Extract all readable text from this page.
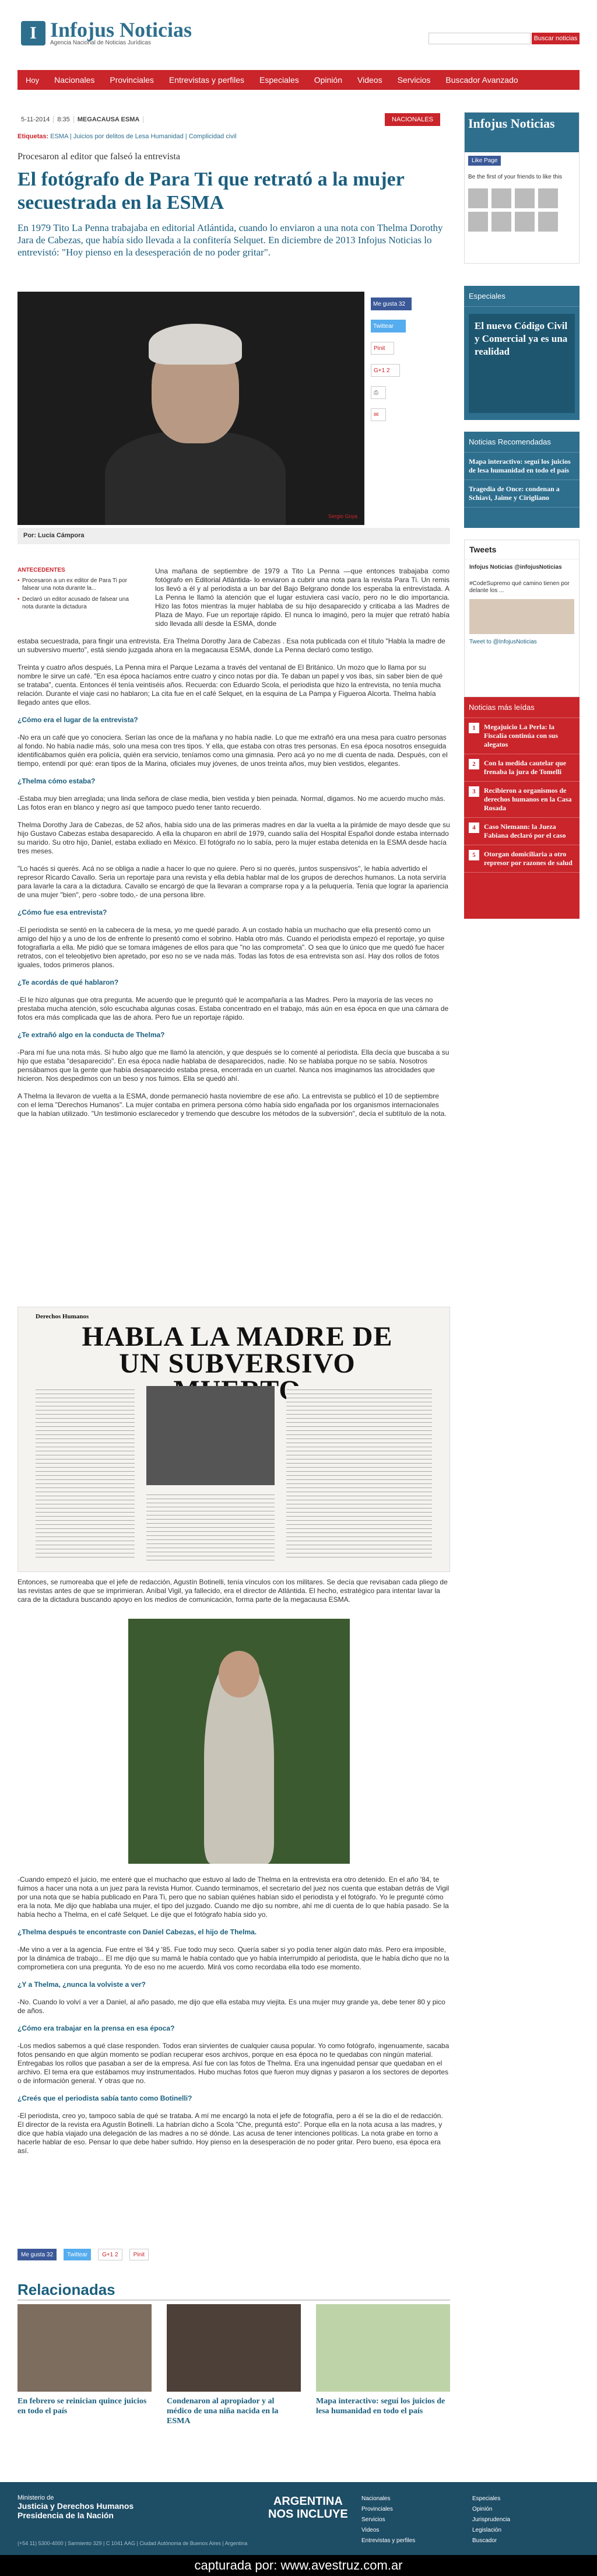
I Infojus Noticias
Agencia Nacional de Noticias Jurídicas
Buscar noticias
Hoy	Nacionales	Provinciales	Entrevistas y perfiles	Especiales	Opinión	Videos	Servicios	Buscador Avanzado
5-11-2014	8:35	MEGACAUSA ESMA	NACIONALES
Etiquetas: ESMA | Juicios por delitos de Lesa Humanidad | Complicidad civil
Procesaron al editor que falseó la entrevista
El fotógrafo de Para Ti que retrató a la mujer secuestrada en la ESMA
En 1979 Tito La Penna trabajaba en editorial Atlántida, cuando lo enviaron a una nota con Thelma Dorothy Jara de Cabezas, que había sido llevada a la confitería Selquet. En diciembre de 2013 Infojus Noticias lo entrevistó: "Hoy pienso en la desesperación de no poder gritar".
Sergio Goya
Me gusta 32
Twittear
Pinit
G+1 2
⎙
✉
Por: Lucía Cámpora
ANTECEDENTES
• Procesaron a un ex editor de Para Ti por falsear una nota durante la...
• Declaró un editor acusado de falsear una nota durante la dictadura
Una mañana de septiembre de 1979 a Tito La Penna —que entonces trabajaba como fotógrafo en Editorial Atlántida- lo enviaron a cubrir una nota para la revista Para Ti. Un remis los llevó a él y al periodista a un bar del Bajo Belgrano donde los esperaba la entrevistada. A La Penna le llamó la atención que el lugar estuviera casi vacío, pero no le dio importancia. Hizo las fotos mientras la mujer hablaba de su hijo desaparecido y criticaba a las Madres de Plaza de Mayo. Fue un reportaje rápido. El nunca lo imaginó, pero la mujer que retrató había sido llevada allí desde la ESMA, donde

estaba secuestrada, para fingir una entrevista. Era Thelma Dorothy Jara de Cabezas . Esa nota publicada con el título "Habla la madre de un subversivo muerto", está siendo juzgada ahora en la megacausa ESMA, donde La Penna declaró como testigo.

Treinta y cuatro años después, La Penna mira el Parque Lezama a través del ventanal de El Británico. Un mozo que lo llama por su nombre le sirve un café. "En esa época hacíamos entre cuatro y cinco notas por día. Te daban un papel y vos ibas, sin saber bien de qué se trataba", cuenta. Entonces él tenía veintiséis años. Recuerda: con Eduardo Scola, el periodista que hizo la entrevista, no tenía mucha relación. Durante el viaje casi no hablaron; La cita fue en el café Selquet, en la esquina de La Pampa y Figueroa Alcorta. Thelma había llegado antes que ellos.

¿Cómo era el lugar de la entrevista?

-No era un café que yo conociera. Serían las once de la mañana y no había nadie. Lo que me extrañó era una mesa para cuatro personas al fondo. No había nadie más, solo una mesa con tres tipos. Y ella, que estaba con otras tres personas. En esa época nosotros enseguida identificábamos quién era policía, quién era servicio, teníamos como una gimnasia. Pero acá yo no me di cuenta de nada. Después, con el tiempo, entendí por qué: eran tipos de la Marina, oficiales muy jóvenes, de unos treinta años, muy bien vestidos, elegantes.

¿Thelma cómo estaba?

-Estaba muy bien arreglada; una linda señora de clase media, bien vestida y bien peinada. Normal, digamos. No me acuerdo mucho más. Las fotos eran en blanco y negro así que tampoco puedo tener tanto recuerdo.

Thelma Dorothy Jara de Cabezas, de 52 años, había sido una de las primeras madres en dar la vuelta a la pirámide de mayo desde que su hijo Gustavo Cabezas estaba desaparecido. A ella la chuparon en abril de 1979, cuando salía del Hospital Español donde estaba internado su marido. Su otro hijo, Daniel, estaba exiliado en México. El fotógrafo no lo sabía, pero la mujer estaba detenida en la ESMA desde hacía tres meses.

"Lo hacés si querés. Acá no se obliga a nadie a hacer lo que no quiere. Pero si no querés, juntos suspensivos", le había advertido el represor Ricardo Cavallo. Seria un reportaje para una revista y ella debía hablar mal de los grupos de derechos humanos. La nota serviría para lavarle la cara a la dictadura. Cavallo se encargó de que la llevaran a comprarse ropa y a la peluquería. Tenía que lograr la apariencia de una mujer "bien", pero -sobre todo,- de una persona libre.

¿Cómo fue esa entrevista?

-El periodista se sentó en la cabecera de la mesa, yo me quedé parado. A un costado había un muchacho que ella presentó como un amigo del hijo y a uno de los de enfrente lo presentó como el sobrino. Habla otro más. Cuando el periodista empezó el reportaje, yo quise fotografiarla a ella. Me pidió que se tomara imágenes de ellos para que "no las comprometa". O sea que lo único que me quedó fue hacer retratos, con el teleobjetivo bien apretado, por eso no se ve nada más. Todas las fotos de esa entrevista son así. Hay dos rollos de fotos iguales, todos primeros planos.

¿Te acordás de qué hablaron?

-El le hizo algunas que otra pregunta. Me acuerdo que le preguntó qué le acompañaría a las Madres. Pero la mayoría de las veces no prestaba mucha atención, sólo escuchaba algunas cosas. Estaba concentrado en el trabajo, más aún en esa época en que una cámara de fotos era más complicada que las de ahora. Pero fue un reportaje rápido.

¿Te extrañó algo en la conducta de Thelma?

-Para mí fue una nota más. Si hubo algo que me llamó la atención, y que después se lo comenté al periodista. Ella decía que buscaba a su hijo que estaba "desaparecido". En esa época nadie hablaba de desaparecidos, nadie. No se hablaba porque no se sabía. Nosotros pensábamos que la gente que había desaparecido estaba presa, encerrada en un cuartel. Nunca nos imaginamos las atrocidades que hicieron. Nos despedimos con un beso y nos fuimos. Ella se quedó ahí.

A Thelma la llevaron de vuelta a la ESMA, donde permaneció hasta noviembre de ese año. La entrevista se publicó el 10 de septiembre con el lema "Derechos Humanos". La mujer contaba en primera persona cómo había sido engañada por los organismos internacionales que la habían utilizado. "Un testimonio esclarecedor y tremendo que descubre los métodos de la subversión", decía el subtítulo de la nota.

Derechos Humanos
HABLA LA MADRE DE UN SUBVERSIVO

Entonces, se rumoreaba que el jefe de redacción, Agustín Botinelli, tenía vínculos con los militares. Se decía que revisaban cada pliego de las revistas antes de que se imprimieran. Aníbal Vigil, ya fallecido, era el director de Atlántida. El hecho, estratégico para intentar lavar la cara de la dictadura buscando apoyo en los medios de comunicación, forma parte de la megacausa ESMA.

-Cuando empezó el juicio, me enteré que el muchacho que estuvo al lado de Thelma en la entrevista era otro detenido. En el año '84, te fuimos a hacer una nota a un juez para la revista Humor. Cuando terminamos, el secretario del juez nos cuenta que estaban detrás de Vigil por una nota que se había publicado en Para Ti, pero que no sabían quiénes habían sido el periodista y el fotógrafo. Yo le pregunté cómo era la nota. Me dijo que hablaba una mujer, el tipo del juzgado. Cuando me dijo su nombre, ahí me di cuenta de lo que había pasado. Se la había hecho a Thelma, en el café Selquet. Le dije que el fotógrafo había sido yo.

¿Thelma después te encontraste con Daniel Cabezas, el hijo de Thelma.

-Me vino a ver a la agencia. Fue entre el '84 y '85. Fue todo muy seco. Quería saber si yo podía tener algún dato más. Pero era imposible, por la dinámica de trabajo... El me dijo que su mamá le había contado que yo había interrumpido al periodista, que le había dicho que no la comprometiera con una pregunta. Yo de eso no me acuerdo. Mirá vos como recordaba ella todo ese momento.

¿Y a Thelma, ¿nunca la volviste a ver?

-No. Cuando lo volví a ver a Daniel, al año pasado, me dijo que ella estaba muy viejita. Es una mujer muy grande ya, debe tener 80 y pico de años.

¿Cómo era trabajar en la prensa en esa época?

-Los medios sabemos a qué clase responden. Todos eran sirvientes de cualquier causa popular. Yo como fotógrafo, ingenuamente, sacaba fotos pensando en que algún momento se podían recuperar esos archivos, porque en esa época no te quedabas con ningún material. Entregabas los rollos que pasaban a ser de la empresa. Así fue con las fotos de Thelma. Era una ingenuidad pensar que quedaban en el archivo. El tema era que estábamos muy instrumentados. Hubo muchas fotos que fueron muy dignas y pasaron a los sectores de deportes o de información general. Y otras que no.

¿Creés que el periodista sabía tanto como Botinelli?

-El periodista, creo yo, tampoco sabía de qué se trataba. A mí me encargó la nota el jefe de fotografía, pero a él se la dio el de redacción. El director de la revista era Agustín Botinelli. La habrían dicho a Scola "Che, preguntá esto". Porque ella en la nota acusa a las madres, y dice que había viajado una delegación de las madres a no sé dónde. Las acusa de tener intenciones políticas. La nota grabe en torno a hacerle hablar de eso. Pensar lo que debe haber sufrido. Hoy pienso en la desesperación de no poder gritar. Pero bueno, esa época era así.

Me gusta 32	Twittear	G+1 2	Pinit
Relacionadas
En febrero se reinician quince juicios en todo el país
Condenaron al apropiador y al médico de una niña nacida en la ESMA
Mapa interactivo: seguí los juicios de lesa humanidad en todo el país
Infojus Noticias
Like Page
Be the first of your friends to like this
Especiales
El nuevo Código Civil y Comercial ya es una realidad
Noticias Recomendadas
Mapa interactivo: seguí los juicios de lesa humanidad en todo el país
Tragedia de Once: condenan a Schiavi, Jaime y Cirigliano
Tweets
Infojus Noticias @infojusNoticias
#CodeSupremo qué camino tienen por delante los ...
Tweet to @InfojusNoticias
Noticias más leídas
1	Megajuicio La Perla: la Fiscalía continúa con sus alegatos
2	Con la medida cautelar que frenaba la jura de Tomelli
3	Recibieron a organismos de derechos humanos en la Casa Rosada
4	Caso Niemann: la Jueza Fabiana declaró por el caso
5	Otorgan domiciliaria a otro represor por razones de salud
Ministerio de
Justicia y Derechos Humanos
Presidencia de la Nación
ARGENTINA
NOS INCLUYE
Nacionales
Provinciales
Servicios
Videos
Entrevistas y perfiles
Especiales
Opinión
Jurisprudencia
Legislación
Buscador
(+54 11) 5300-4000 | Sarmiento 329 | C 1041 AAG | Ciudad Autónoma de Buenos Aires | Argentina
capturada por: www.avestruz.com.ar
